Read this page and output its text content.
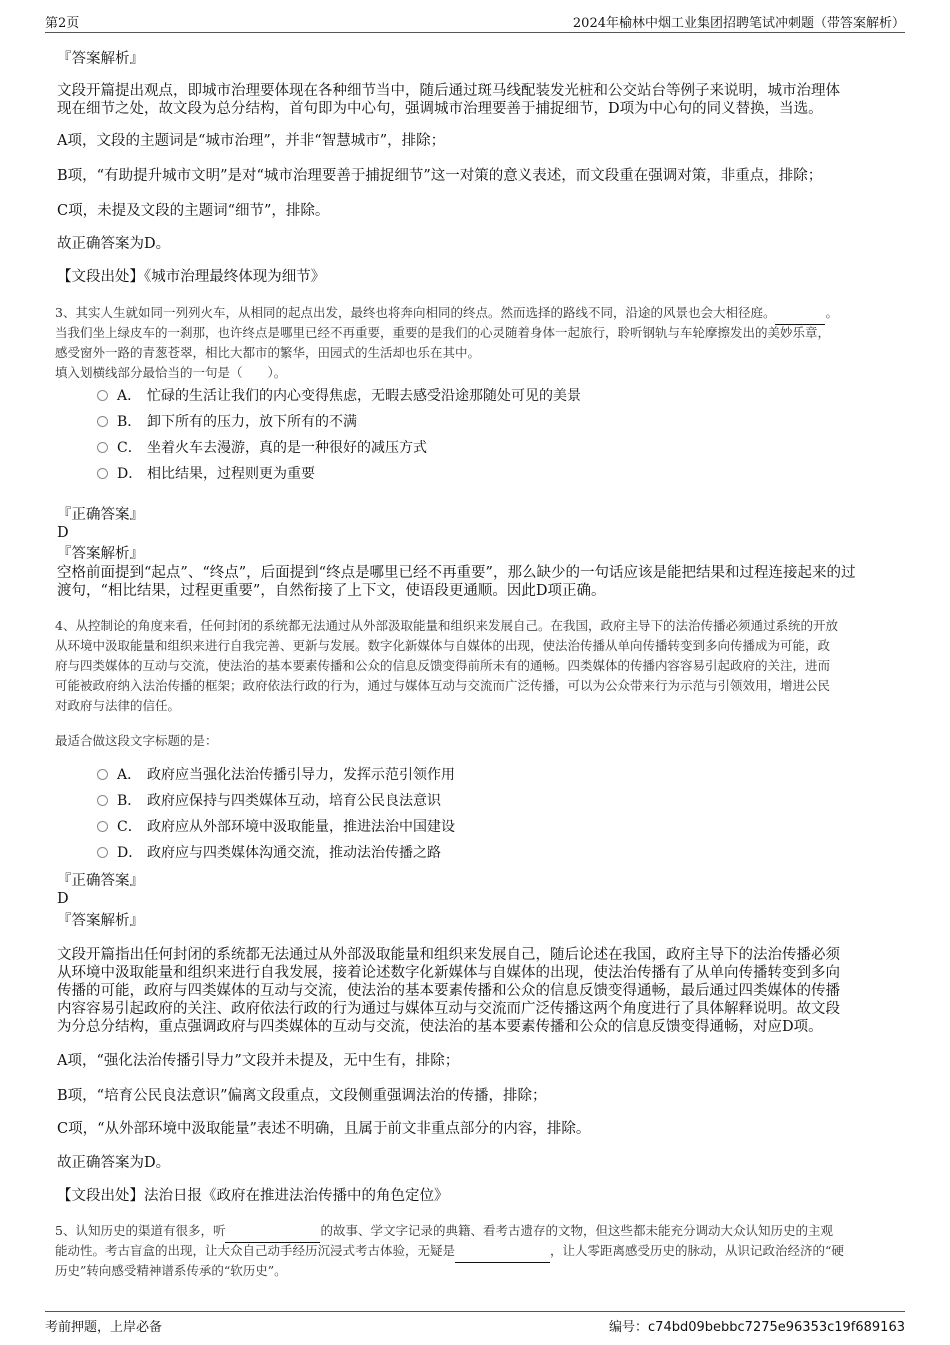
第2页	2024年榆林中烟工业集团招聘笔试冲刺题（带答案解析）
『答案解析』
文段开篇提出观点，即城市治理要体现在各种细节当中，随后通过斑马线配装发光桩和公交站台等例子来说明，城市治理体
现在细节之处，故文段为总分结构，首句即为中心句，强调城市治理要善于捕捉细节，D项为中心句的同义替换，当选。
A项，文段的主题词是“城市治理”，并非“智慧城市”，排除；
B项，“有助提升城市文明”是对“城市治理要善于捕捉细节”这一对策的意义表述，而文段重在强调对策，非重点，排除；
C项，未提及文段的主题词“细节”，排除。
故正确答案为D。
【文段出处】《城市治理最终体现为细节》
3、其实人生就如同一列列火车，从相同的起点出发，最终也将奔向相同的终点。然而选择的路线不同，沿途的风景也会大相径庭。	。
当我们坐上绿皮车的一刹那，也许终点是哪里已经不再重要，重要的是我们的心灵随着身体一起旅行，聆听钢轨与车轮摩擦发出的美妙乐章，
感受窗外一路的青葱苍翠，相比大都市的繁华，田园式的生活却也乐在其中。
填入划横线部分最恰当的一句是（　　）。
A． 忙碌的生活让我们的内心变得焦虑，无暇去感受沿途那随处可见的美景
B． 卸下所有的压力，放下所有的不满
C． 坐着火车去漫游，真的是一种很好的减压方式
D． 相比结果，过程则更为重要
『正确答案』
D
『答案解析』
空格前面提到“起点”、“终点”，后面提到“终点是哪里已经不再重要”，那么缺少的一句话应该是能把结果和过程连接起来的过
渡句，“相比结果，过程更重要”，自然衔接了上下文，使语段更通顺。因此D项正确。
4、从控制论的角度来看，任何封闭的系统都无法通过从外部汲取能量和组织来发展自己。在我国，政府主导下的法治传播必须通过系统的开放
从环境中汲取能量和组织来进行自我完善、更新与发展。数字化新媒体与自媒体的出现，使法治传播从单向传播转变到多向传播成为可能，政
府与四类媒体的互动与交流，使法治的基本要素传播和公众的信息反馈变得前所未有的通畅。四类媒体的传播内容容易引起政府的关注，进而
可能被政府纳入法治传播的框架；政府依法行政的行为，通过与媒体互动与交流而广泛传播，可以为公众带来行为示范与引领效用，增进公民
对政府与法律的信任。
最适合做这段文字标题的是：
A． 政府应当强化法治传播引导力，发挥示范引领作用
B． 政府应保持与四类媒体互动，培育公民良法意识
C． 政府应从外部环境中汲取能量，推进法治中国建设
D． 政府应与四类媒体沟通交流，推动法治传播之路
『正确答案』
D
『答案解析』
文段开篇指出任何封闭的系统都无法通过从外部汲取能量和组织来发展自己，随后论述在我国，政府主导下的法治传播必须
从环境中汲取能量和组织来进行自我发展，接着论述数字化新媒体与自媒体的出现，使法治传播有了从单向传播转变到多向
传播的可能，政府与四类媒体的互动与交流，使法治的基本要素传播和公众的信息反馈变得通畅，最后通过四类媒体的传播
内容容易引起政府的关注、政府依法行政的行为通过与媒体互动与交流而广泛传播这两个角度进行了具体解释说明。故文段
为分总分结构，重点强调政府与四类媒体的互动与交流，使法治的基本要素传播和公众的信息反馈变得通畅，对应D项。
A项，“强化法治传播引导力”文段并未提及，无中生有，排除；
B项，“培育公民良法意识”偏离文段重点，文段侧重强调法治的传播，排除；
C项，“从外部环境中汲取能量”表述不明确，且属于前文非重点部分的内容，排除。
故正确答案为D。
【文段出处】法治日报《政府在推进法治传播中的角色定位》
5、认知历史的渠道有很多，听	的故事、学文字记录的典籍、看考古遗存的文物，但这些都未能充分调动大众认知历史的主观
能动性。考古盲盒的出现，让大众自己动手经历沉浸式考古体验，无疑是	，让人零距离感受历史的脉动，从识记政治经济的“硬
历史”转向感受精神谱系传承的“软历史”。
考前押题，上岸必备	编号：c74bd09bebbc7275e96353c19f689163
